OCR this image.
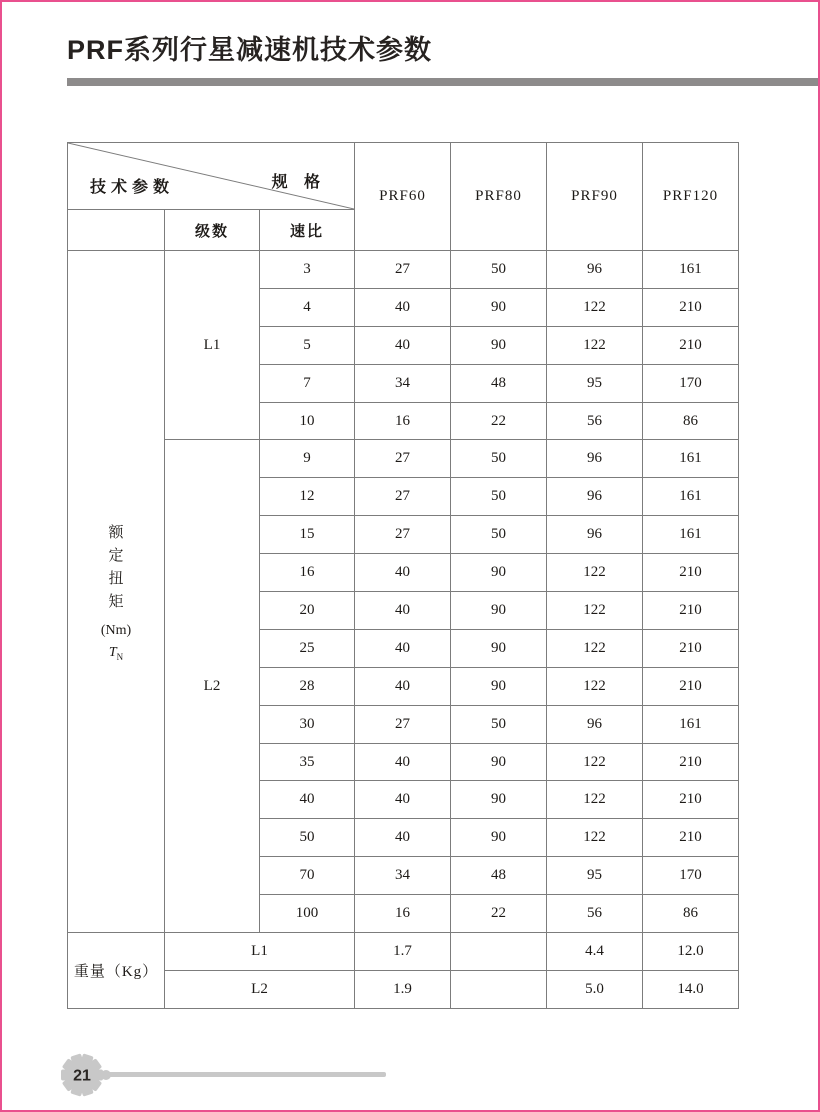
PRF系列行星减速机技术参数
规 格
技术参数			PRF60	PRF80	PRF90	PRF120
	级数	速比				

额定扭矩
(Nm)
$T_N$	L1	3	27	50	96	161
		4	40	90	122	210
		5	40	90	122	210
		7	34	48	95	170
		10	16	22	56	86
	L2	9	27	50	96	161
		12	27	50	96	161
		15	27	50	96	161
		16	40	90	122	210
		20	40	90	122	210
		25	40	90	122	210
		28	40	90	122	210
		30	27	50	96	161
		35	40	90	122	210
		40	40	90	122	210
		50	40	90	122	210
		70	34	48	95	170
		100	16	22	56	86
重量（Kg）	L1		1.7		4.4	12.0
	L2		1.9		5.0	14.0
21
